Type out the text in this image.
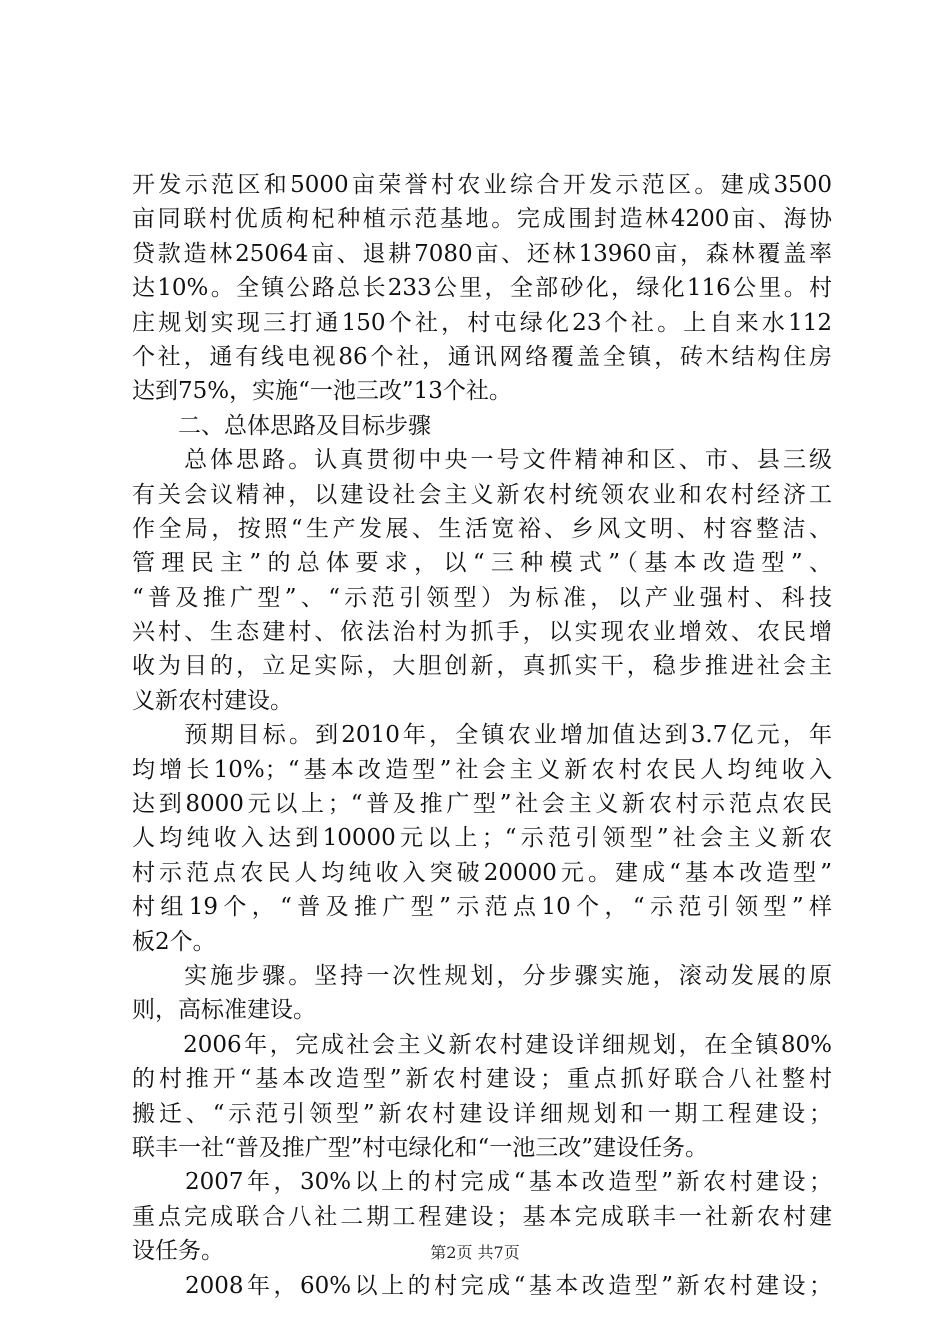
开发示范区和5000亩荣誉村农业综合开发示范区。建成3500
亩同联村优质枸杞种植示范基地。完成围封造林4200亩、海协
贷款造林25064亩、退耕7080亩、还林13960亩，森林覆盖率
达10%。全镇公路总长233公里，全部砂化，绿化116公里。村
庄规划实现三打通150个社，村屯绿化23个社。上自来水112
个社，通有线电视86个社，通讯网络覆盖全镇，砖木结构住房
达到75%，实施“一池三改”13个社。
　　二、总体思路及目标步骤
　　总体思路。认真贯彻中央一号文件精神和区、市、县三级
有关会议精神，以建设社会主义新农村统领农业和农村经济工
作全局，按照“生产发展、生活宽裕、乡风文明、村容整洁、
管理民主”的总体要求，以“三种模式”（基本改造型”、
“普及推广型”、“示范引领型）为标准，以产业强村、科技
兴村、生态建村、依法治村为抓手，以实现农业增效、农民增
收为目的，立足实际，大胆创新，真抓实干，稳步推进社会主
义新农村建设。
　　预期目标。到2010年，全镇农业增加值达到3.7亿元，年
均增长10%；“基本改造型”社会主义新农村农民人均纯收入
达到8000元以上；“普及推广型”社会主义新农村示范点农民
人均纯收入达到10000元以上；“示范引领型”社会主义新农
村示范点农民人均纯收入突破20000元。建成“基本改造型”
村组19个，“普及推广型”示范点10个，“示范引领型”样
板2个。
　　实施步骤。坚持一次性规划，分步骤实施，滚动发展的原
则，高标准建设。
　　2006年，完成社会主义新农村建设详细规划，在全镇80%
的村推开“基本改造型”新农村建设；重点抓好联合八社整村
搬迁、“示范引领型”新农村建设详细规划和一期工程建设；
联丰一社“普及推广型”村屯绿化和“一池三改”建设任务。
　　2007年，30%以上的村完成“基本改造型”新农村建设；
重点完成联合八社二期工程建设；基本完成联丰一社新农村建
设任务。
　　2008年，60%以上的村完成“基本改造型”新农村建设；
第2页 共7页
